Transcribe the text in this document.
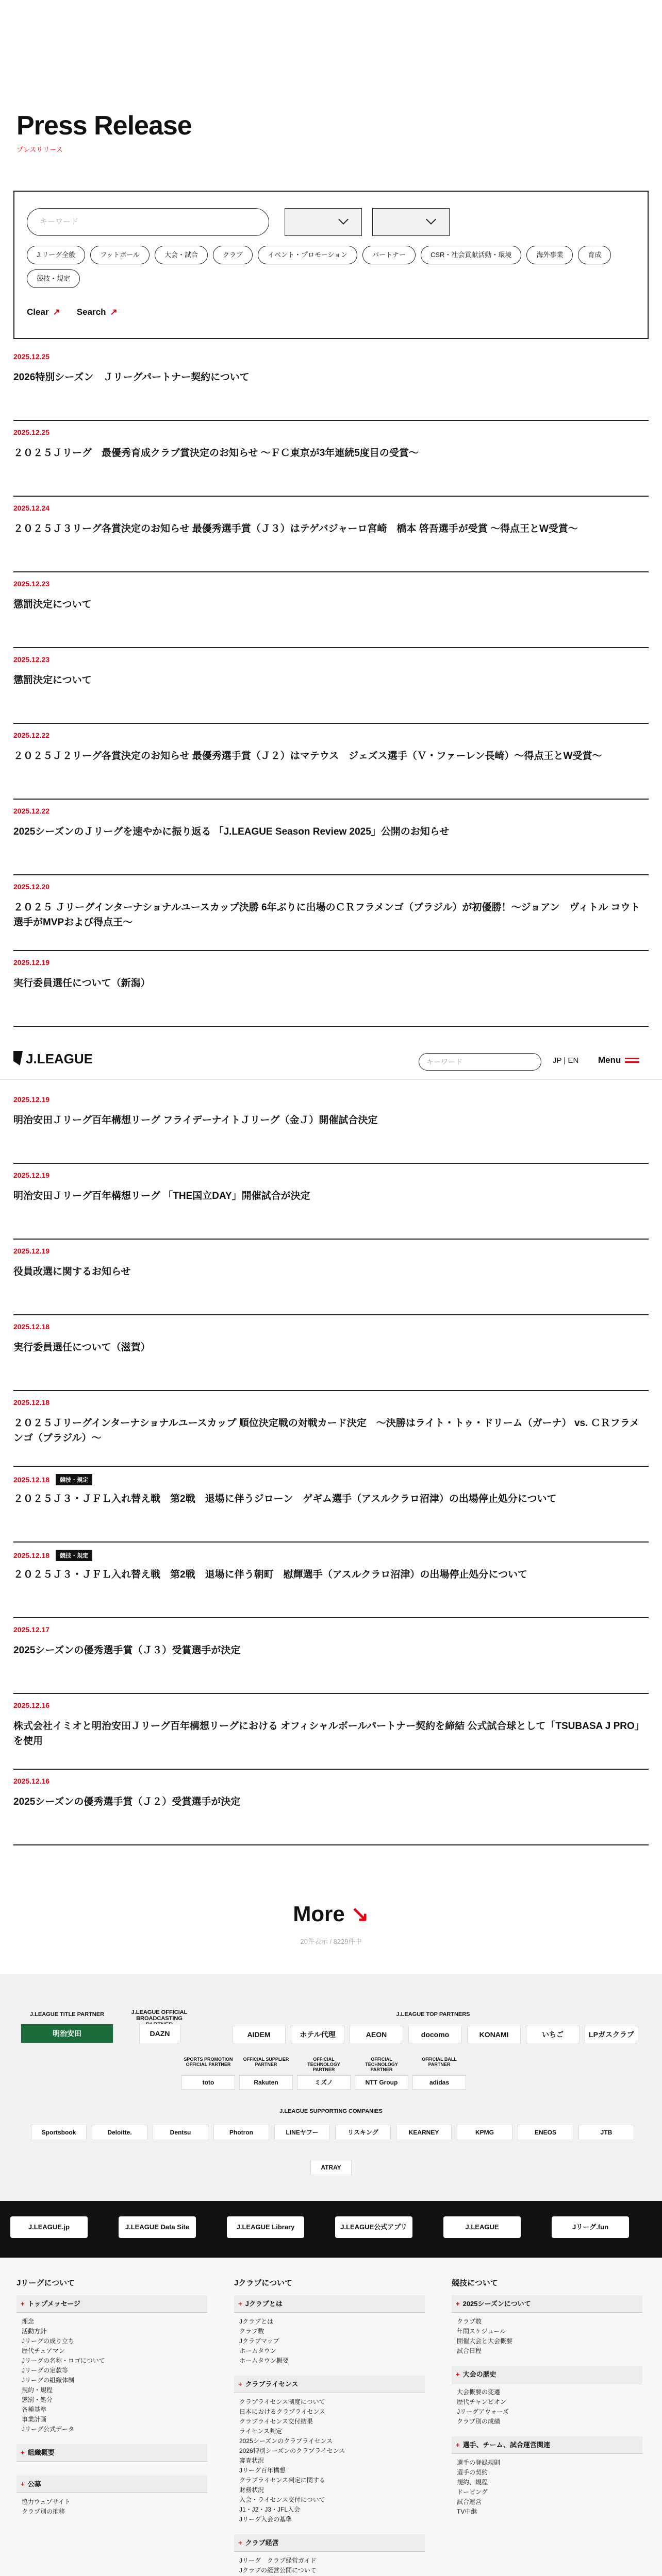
Press Release
プレスリリース
キーワード
J.リーグ全般	フットボール	大会・試合	クラブ	イベント・プロモーション	パートナー	CSR・社会貢献活動・環境	海外事業	育成
競技・規定
Clear ↗ Search ↗
2025.12.25
2026特別シーズン　Ｊリーグパートナー契約について
2025.12.25
２０２５Ｊリーグ　最優秀育成クラブ賞決定のお知らせ ～ＦＣ東京が3年連続5度目の受賞～
2025.12.24
２０２５Ｊ３リーグ各賞決定のお知らせ 最優秀選手賞（Ｊ３）はテゲバジャーロ宮崎　橋本 啓吾選手が受賞 ～得点王とW受賞～
2025.12.23
懲罰決定について
2025.12.23
懲罰決定について
2025.12.22
２０２５Ｊ２リーグ各賞決定のお知らせ 最優秀選手賞（Ｊ２）はマテウス　ジェズス選手（Ｖ・ファーレン長崎）～得点王とW受賞～
2025.12.22
2025シーズンのＪリーグを速やかに振り返る 「J.LEAGUE Season Review 2025」公開のお知らせ
2025.12.20
２０２５ Ｊリーグインターナショナルユースカップ決勝 6年ぶりに出場のＣＲフラメンゴ（ブラジル）が初優勝！～ジョアン　ヴィトル コウト選手がMVPおよび得点王～
2025.12.19
実行委員選任について（新潟）
2025.12.19
明治安田Ｊリーグ百年構想リーグ フライデーナイトＪリーグ（金Ｊ）開催試合決定
2025.12.19
明治安田Ｊリーグ百年構想リーグ 「THE国立DAY」開催試合が決定
2025.12.19
役員改選に関するお知らせ
2025.12.18
実行委員選任について（滋賀）
2025.12.18
２０２５Ｊリーグインターナショナルユースカップ 順位決定戦の対戦カード決定　～決勝はライト・トゥ・ドリーム（ガーナ） vs. ＣＲフラメンゴ（ブラジル）～
2025.12.18 競技・規定
２０２５Ｊ３・ＪＦＬ入れ替え戦　第2戦　退場に伴うジローン　ゲギム選手（アスルクラロ沼津）の出場停止処分について
2025.12.18 競技・規定
２０２５Ｊ３・ＪＦＬ入れ替え戦　第2戦　退場に伴う朝町　慰輝選手（アスルクラロ沼津）の出場停止処分について
2025.12.17
2025シーズンの優秀選手賞（Ｊ３）受賞選手が決定
2025.12.16
株式会社イミオと明治安田Ｊリーグ百年構想リーグにおける オフィシャルボールパートナー契約を締結 公式試合球として「TSUBASA J PRO」を使用
2025.12.16
2025シーズンの優秀選手賞（Ｊ２）受賞選手が決定
J.LEAGUE	キーワード	JP | EN Menu
More ↘
20件表示 / 8229件中
J.LEAGUE TITLE PARTNER
明治安田
J.LEAGUE OFFICIAL BROADCASTING
DAZN
J.LEAGUE TOP PARTNERS
J.LEAGUE SUPPORTING COMPANIES
ATRAY
AIDEM	ホテル代理	AEON	docomo	KONAMI	いちご	LPガスクラブ
SPORTS PROMOTION OFFICIAL PARTNER
toto
OFFICIAL SUPPLIER PARTNER
Rakuten
OFFICIAL TECHNOLOGY PARTNER
ミズノ
OFFICIAL TECHNOLOGY PARTNER
NTT Group
OFFICIAL BALL PARTNER
adidas
Sportsbook	Deloitte.	Dentsu	Photron	LINEヤフー	リスキング	KEARNEY	KPMG	ENEOS	JTB
J.LEAGUE.jp	J.LEAGUE Data Site	J.LEAGUE Library	J.LEAGUE公式アプリ	J.LEAGUE	Jリーグ.fun
Jリーグについて
+ トップメッセージ
理念
活動方針
Jリーグの成り立ち
歴代チェアマン
Jリーグの名称・ロゴについて
Jリーグの定款等
Jリーグの組織体制
規約・規程
懲罰・処分
各種基準
事業計画
Jリーグ公式データ

+ 組織概要

+ 公募
協力ウェブサイト
クラブ別の推移
Jクラブについて
+ Jクラブとは
Jクラブとは
クラブ数
Jクラブマップ
ホームタウン
ホームタウン概要

+ クラブライセンス
クラブライセンス制度について
日本におけるクラブライセンス
クラブライセンス交付結果
ライセンス判定
2025シーズンのクラブライセンス
2026特別シーズンのクラブライセンス
審査状況
Jリーグ百年構想
クラブライセンス判定に関する
財務状況
入会・ライセンス交付について
J1・J2・J3・JFL入会
Jリーグ入会の基準

+ クラブ経営
Jリーグ　クラブ経営ガイド
Jクラブの経営公開について
競技について
+ 2025シーズンについて
クラブ数
年間スケジュール
開催大会と大会概要
試合日程

+ 大会の歴史
大会概要の変遷
歴代チャンピオン
Jリーグアウォーズ
クラブ別の成績

+ 選手、チーム、試合運営関連
選手の登録規則
選手の契約
規約、規程
ドーピング
試合運営
TV中継
